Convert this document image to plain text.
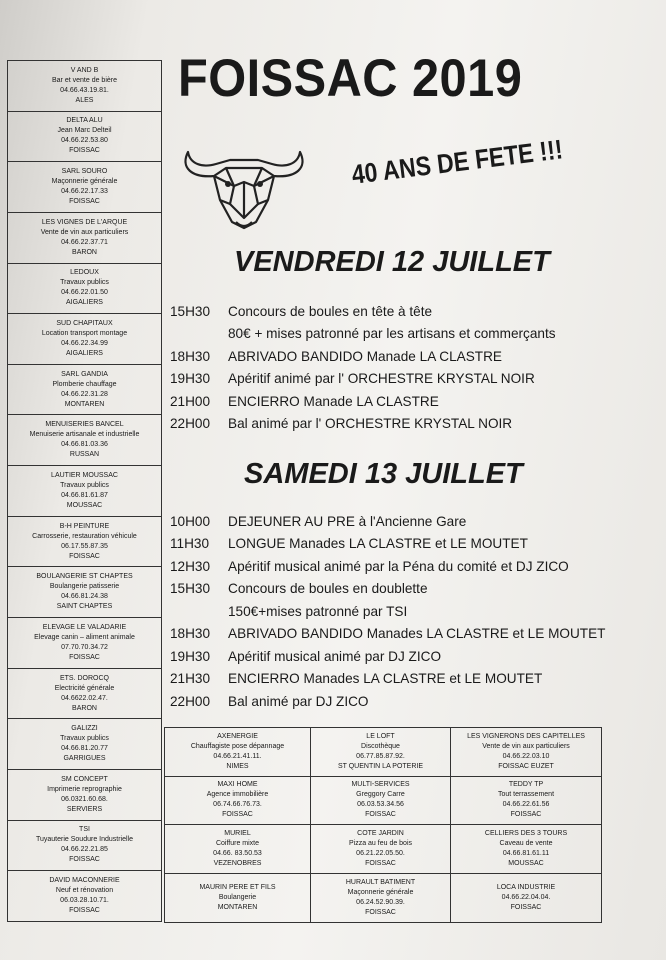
V AND B
Bar et vente de bière
04.66.43.19.81.
ALES
DELTA ALU
Jean Marc Delteil
04.66.22.53.80
FOISSAC
SARL SOURO
Maçonnerie générale
04.66.22.17.33
FOISSAC
LES VIGNES DE L'ARQUE
Vente de vin aux particuliers
04.66.22.37.71
BARON
LEDOUX
Travaux publics
04.66.22.01.50
AIGALIERS
SUD CHAPITAUX
Location transport montage
04.66.22.34.99
AIGALIERS
SARL GANDIA
Plomberie chauffage
04.66.22.31.28
MONTAREN
MENUISERIES BANCEL
Menuiserie artisanale et industrielle
04.66.81.03.36
RUSSAN
LAUTIER MOUSSAC
Travaux publics
04.66.81.61.87
MOUSSAC
B-H PEINTURE
Carrosserie, restauration véhicule
06.17.55.87.35
FOISSAC
BOULANGERIE ST CHAPTES
Boulangerie patisserie
04.66.81.24.38
SAINT CHAPTES
ELEVAGE LE VALADARIE
Elevage canin – aliment animale
07.70.70.34.72
FOISSAC
ETS. DOROCQ
Electricité générale
04.6622.02.47.
BARON
GALIZZI
Travaux publics
04.66.81.20.77
GARRIGUES
SM CONCEPT
Imprimerie reprographie
06.0321.60.68.
SERVIERS
TSI
Tuyauterie Soudure Industrielle
04.66.22.21.85
FOISSAC
DAVID MACONNERIE
Neuf et rénovation
06.03.28.10.71.
FOISSAC
FOISSAC 2019
40 ANS DE FETE !!!
VENDREDI 12 JUILLET
15H30	Concours de boules en tête à tête
80€ + mises patronné par les artisans et commerçants
18H30	ABRIVADO BANDIDO Manade LA CLASTRE
19H30	Apéritif animé par l' ORCHESTRE KRYSTAL NOIR
21H00	ENCIERRO Manade LA CLASTRE
22H00	Bal animé par l' ORCHESTRE KRYSTAL NOIR
SAMEDI 13 JUILLET
10H00	DEJEUNER AU PRE à l'Ancienne Gare
11H30	LONGUE Manades LA CLASTRE et LE MOUTET
12H30	Apéritif musical animé par la Péna du comité et DJ ZICO
15H30	Concours de boules en doublette
150€+mises patronné par TSI
18H30	ABRIVADO BANDIDO Manades LA CLASTRE et LE MOUTET
19H30	Apéritif musical animé par DJ ZICO
21H30	ENCIERRO Manades LA CLASTRE et LE MOUTET
22H00	Bal animé par DJ ZICO
AXENERGIE
Chauffagiste pose dépannage
04.66.21.41.11.
NIMES
LE LOFT
Discothèque
06.77.85.87.92.
ST QUENTIN LA POTERIE
LES VIGNERONS DES CAPITELLES
Vente de vin aux particuliers
04.66.22.03.10
FOISSAC EUZET
MAXI HOME
Agence immobilière
06.74.66.76.73.
FOISSAC
MULTI-SERVICES
Greggory Carre
06.03.53.34.56
FOISSAC
TEDDY TP
Tout terrassement
04.66.22.61.56
FOISSAC
MURIEL
Coiffure mixte
04.66. 83.50.53
VEZENOBRES
COTE JARDIN
Pizza au feu de bois
06.21.22.05.50.
FOISSAC
CELLIERS DES 3 TOURS
Caveau de vente
04.66.81.61.11
MOUSSAC
MAURIN PERE ET FILS
Boulangerie
MONTAREN
HURAULT BATIMENT
Maçonnerie générale
06.24.52.90.39.
FOISSAC
LOCA INDUSTRIE
04.66.22.04.04.
FOISSAC
